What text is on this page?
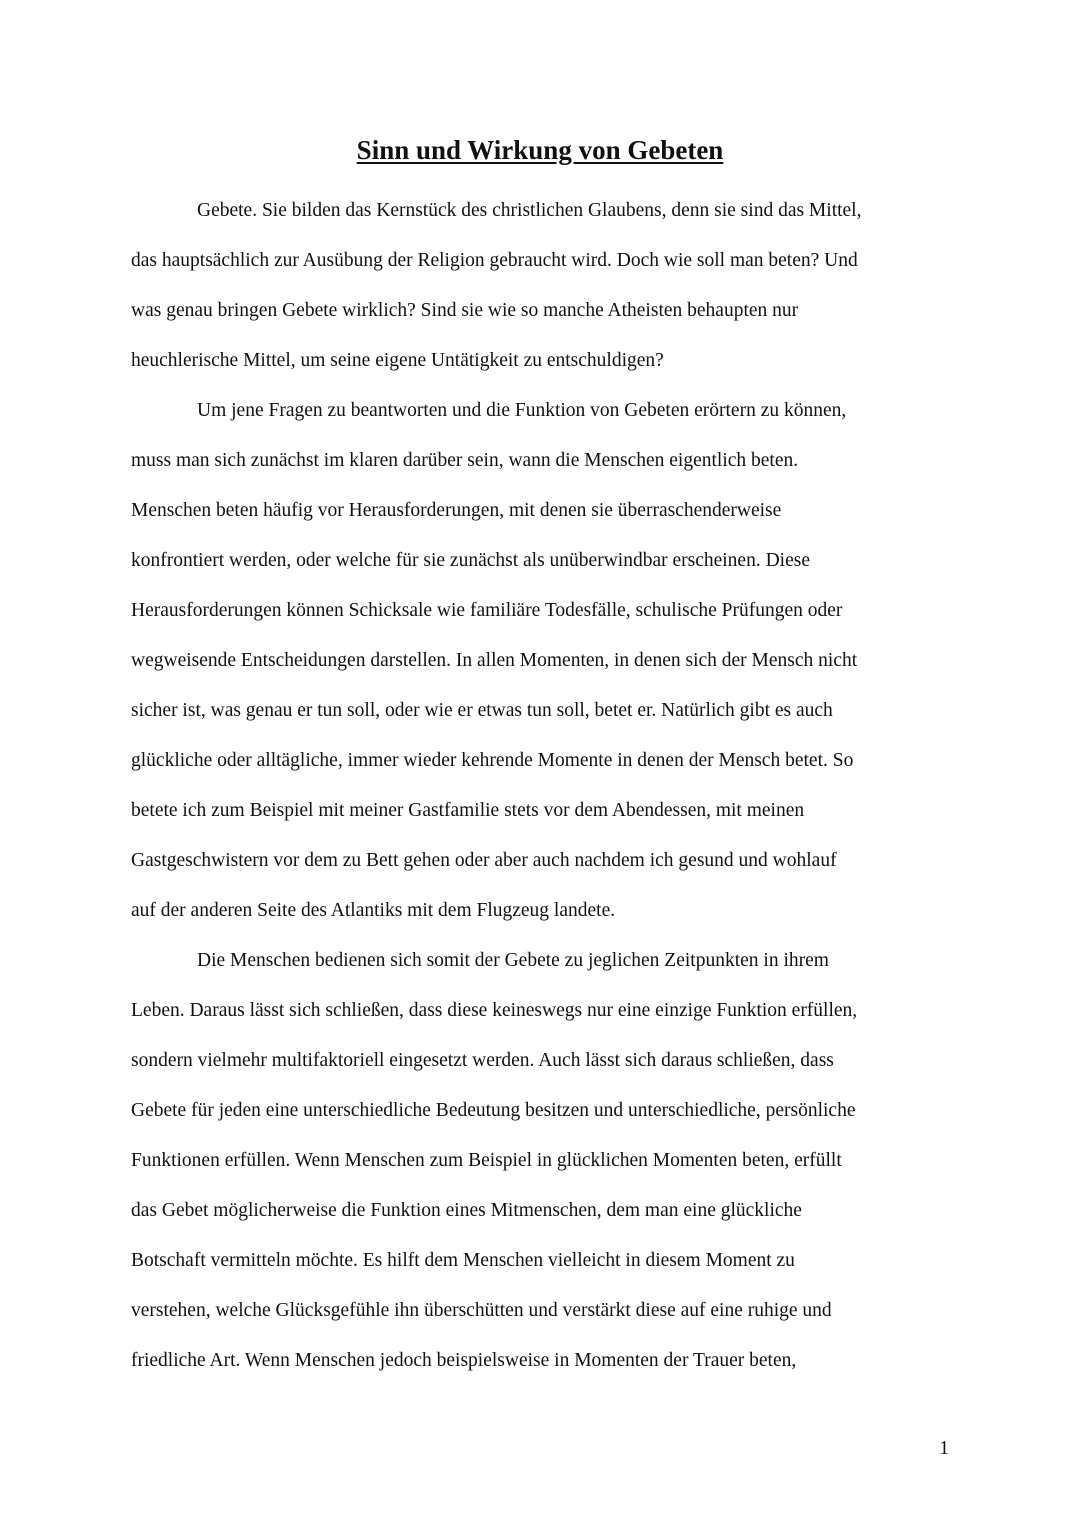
Sinn und Wirkung von Gebeten
Gebete. Sie bilden das Kernstück des christlichen Glaubens, denn sie sind das Mittel,
das hauptsächlich zur Ausübung der Religion gebraucht wird. Doch wie soll man beten? Und
was genau bringen Gebete wirklich? Sind sie wie so manche Atheisten behaupten nur
heuchlerische Mittel, um seine eigene Untätigkeit zu entschuldigen?
Um jene Fragen zu beantworten und die Funktion von Gebeten erörtern zu können,
muss man sich zunächst im klaren darüber sein, wann die Menschen eigentlich beten.
Menschen beten häufig vor Herausforderungen, mit denen sie überraschenderweise
konfrontiert werden, oder welche für sie zunächst als unüberwindbar erscheinen. Diese
Herausforderungen können Schicksale wie familiäre Todesfälle, schulische Prüfungen oder
wegweisende Entscheidungen darstellen. In allen Momenten, in denen sich der Mensch nicht
sicher ist, was genau er tun soll, oder wie er etwas tun soll, betet er. Natürlich gibt es auch
glückliche oder alltägliche, immer wieder kehrende Momente in denen der Mensch betet. So
betete ich zum Beispiel mit meiner Gastfamilie stets vor dem Abendessen, mit meinen
Gastgeschwistern vor dem zu Bett gehen oder aber auch nachdem ich gesund und wohlauf
auf der anderen Seite des Atlantiks mit dem Flugzeug landete.
Die Menschen bedienen sich somit der Gebete zu jeglichen Zeitpunkten in ihrem
Leben. Daraus lässt sich schließen, dass diese keineswegs nur eine einzige Funktion erfüllen,
sondern vielmehr multifaktoriell eingesetzt werden. Auch lässt sich daraus schließen, dass
Gebete für jeden eine unterschiedliche Bedeutung besitzen und unterschiedliche, persönliche
Funktionen erfüllen. Wenn Menschen zum Beispiel in glücklichen Momenten beten, erfüllt
das Gebet möglicherweise die Funktion eines Mitmenschen, dem man eine glückliche
Botschaft vermitteln möchte. Es hilft dem Menschen vielleicht in diesem Moment zu
verstehen, welche Glücksgefühle ihn überschütten und verstärkt diese auf eine ruhige und
friedliche Art. Wenn Menschen jedoch beispielsweise in Momenten der Trauer beten,
1
